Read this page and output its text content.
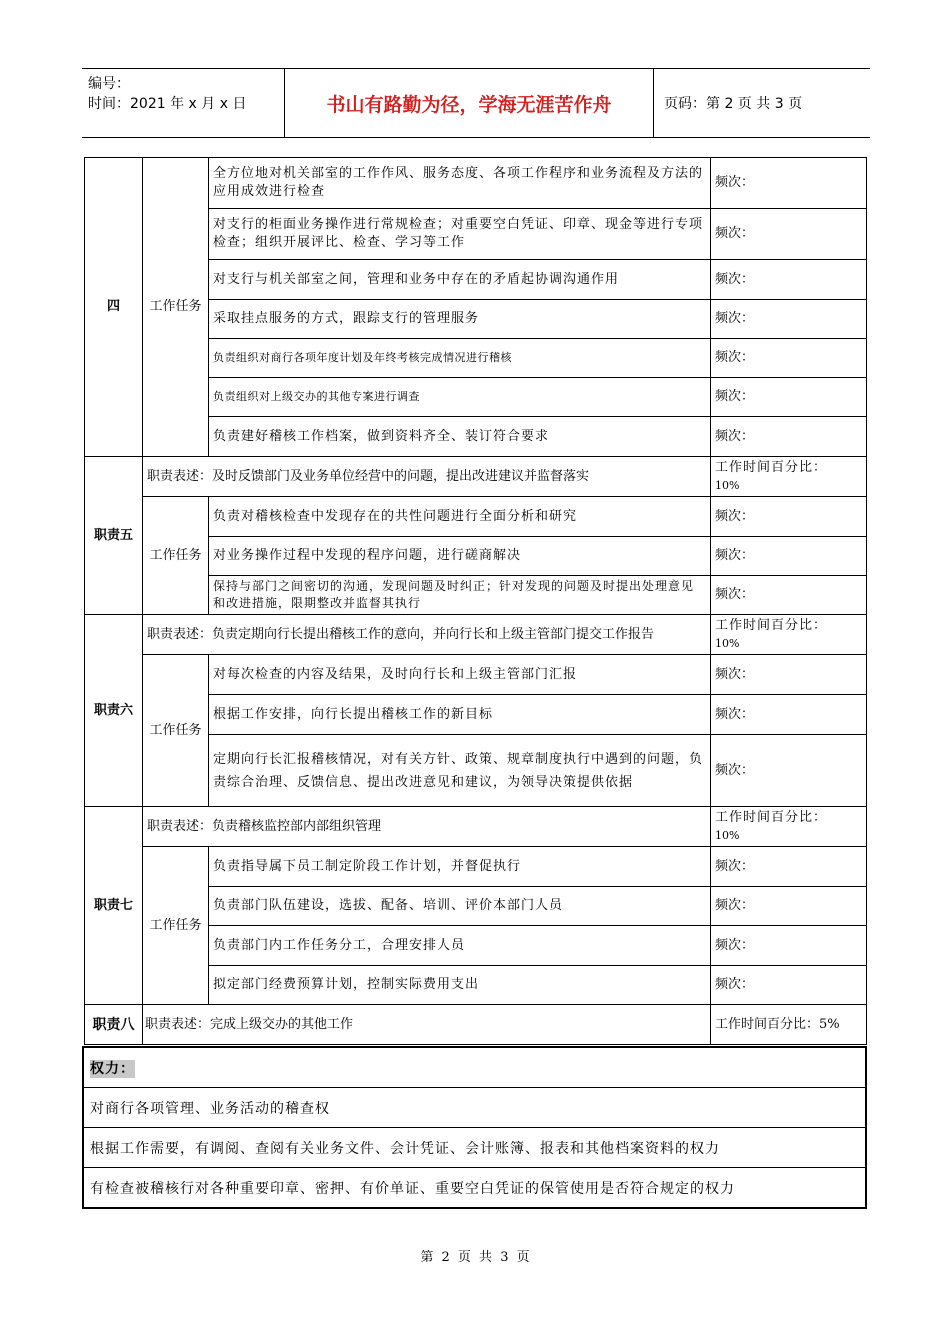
编号：
时间：2021 年 x 月 x 日	书山有路勤为径，学海无涯苦作舟	页码：第 2 页 共 3 页
四	工作任务	全方位地对机关部室的工作作风、服务态度、各项工作程序和业务流程及方法的应用成效进行检查	频次：
		对支行的柜面业务操作进行常规检查；对重要空白凭证、印章、现金等进行专项检查；组织开展评比、检查、学习等工作	频次：
		对支行与机关部室之间，管理和业务中存在的矛盾起协调沟通作用	频次：
		采取挂点服务的方式，跟踪支行的管理服务	频次：
		负责组织对商行各项年度计划及年终考核完成情况进行稽核	频次：
		负责组织对上级交办的其他专案进行调查	频次：
		负责建好稽核工作档案，做到资料齐全、装订符合要求	频次：
职责五	职责表述：及时反馈部门及业务单位经营中的问题，提出改进建议并监督落实		工作时间百分比：
10%
	工作任务	负责对稽核检查中发现存在的共性问题进行全面分析和研究	频次：
		对业务操作过程中发现的程序问题，进行磋商解决	频次：
		保持与部门之间密切的沟通，发现问题及时纠正；针对发现的问题及时提出处理意见和改进措施，限期整改并监督其执行	频次：
职责六	职责表述：负责定期向行长提出稽核工作的意向，并向行长和上级主管部门提交工作报告		工作时间百分比：
10%
	工作任务	对每次检查的内容及结果，及时向行长和上级主管部门汇报	频次：
		根据工作安排，向行长提出稽核工作的新目标	频次：
		定期向行长汇报稽核情况，对有关方针、政策、规章制度执行中遇到的问题，负责综合治理、反馈信息、提出改进意见和建议，为领导决策提供依据	频次：
职责七	职责表述：负责稽核监控部内部组织管理		工作时间百分比：
10%
	工作任务	负责指导属下员工制定阶段工作计划，并督促执行	频次：
		负责部门队伍建设，选拔、配备、培训、评价本部门人员	频次：
		负责部门内工作任务分工，合理安排人员	频次：
		拟定部门经费预算计划，控制实际费用支出	频次：
职责八	职责表述：完成上级交办的其他工作		工作时间百分比：5%
权力：
对商行各项管理、业务活动的稽查权
根据工作需要，有调阅、查阅有关业务文件、会计凭证、会计账簿、报表和其他档案资料的权力
有检查被稽核行对各种重要印章、密押、有价单证、重要空白凭证的保管使用是否符合规定的权力
第 2 页 共 3 页
